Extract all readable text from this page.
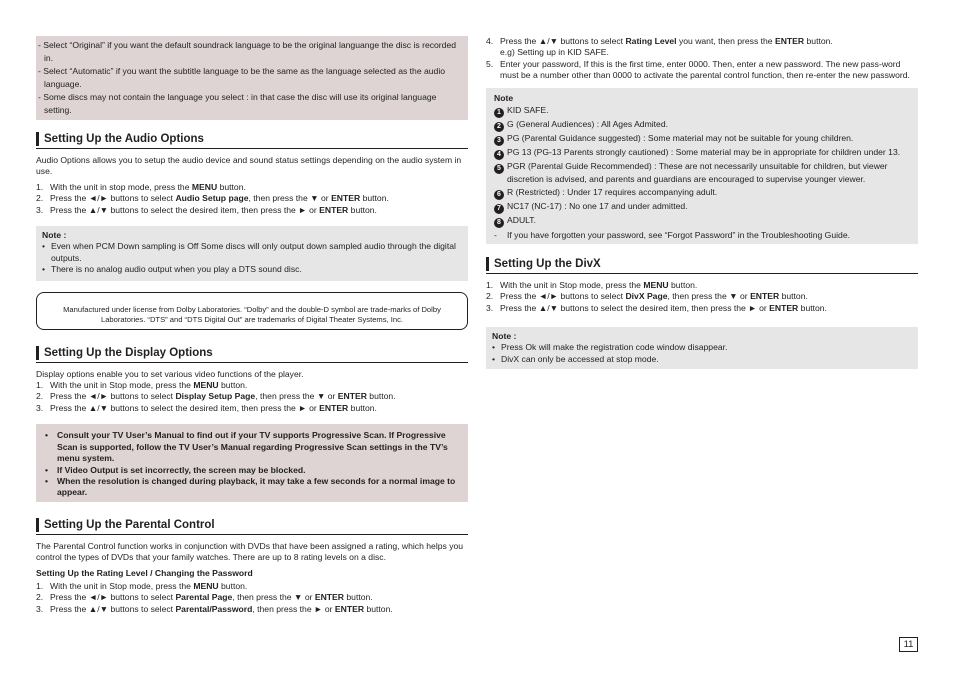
- Select “Original” if you want the default soundrack language to be the original languange the disc is recorded in.

- Select “Automatic” if you want the subtitle language to be the same as the language selected as the audio language.

- Some discs may not contain the language you select : in that case the disc will use its original language setting.

Setting Up the Audio Options

Audio Options allows you to setup the audio device and sound status settings depending on the audio system in use.

1. With the unit in stop mode, press the MENU button.
2. Press the ◄/► buttons to select Audio Setup page, then press the ▼ or ENTER button.
3. Press the ▲/▼ buttons to select the desired item, then press the ► or ENTER button.

Note :

• Even when PCM Down sampling is Off Some discs will only output down sampled audio through the digital outputs.
• There is no analog audio output when you play a DTS sound disc.

Manufactured under license from Dolby Laboratories. “Dolby” and the double-D symbol are trade-marks of Dolby Laboratories. “DTS” and “DTS Digital Out” are trademarks of Digital Theater Systems, Inc.

Setting Up the Display Options

Display options enable you to set various video functions of the player.

1. With the unit in Stop mode, press the MENU button.
2. Press the ◄/► buttons to select Display Setup Page, then press the ▼ or ENTER button.
3. Press the ▲/▼ buttons to select the desired item, then press the ► or ENTER button.
•	Consult your TV User’s Manual to find out if your TV supports Progressive Scan. If Progressive Scan is supported, follow the TV User’s Manual regarding Progressive Scan settings in the TV’s menu system.
•	If Video Output is set incorrectly, the screen may be blocked.
•	When the resolution is changed during playback, it may take a few seconds for a normal image to appear.
Setting Up the Parental Control

The Parental Control function works in conjunction with DVDs that have been assigned a rating, which helps you control the types of DVDs that your family watches. There are up to 8 rating levels on a disc.

Setting Up the Rating Level / Changing the Password

1. With the unit in Stop mode, press the MENU button.
2. Press the ◄/► buttons to select Parental Page, then press the ▼ or ENTER button.
3. Press the ▲/▼ buttons to select Parental/Password, then press the ► or ENTER button.
4. Press the ▲/▼ buttons to select Rating Level you want, then press the ENTER button.
e.g) Setting up in KID SAFE.
5. Enter your password, If this is the first time, enter 0000. Then, enter a new password. The new pass-word must be a number other than 0000 to activate the parental control function, then re-enter the new password.

Note

1 KID SAFE.
2 G (General Audiences) : All Ages Admited.
3 PG (Parental Guidance suggested) : Some material may not be suitable for young children.
4 PG 13 (PG-13 Parents strongly cautioned) : Some material may be in appropriate for children under 13.
5 PGR (Parental Guide Recommended) : These are not necessarily unsuitable for children, but viewer discretion is advised, and parents and guardians are encouraged to supervise younger viewer.
6 R (Restricted) : Under 17 requires accompanying adult.
7 NC17 (NC-17) : No one 17 and under admitted.
8 ADULT.
-	If you have forgotten your password, see “Forgot Password” in the Troubleshooting Guide.
Setting Up the DivX
1. With the unit in Stop mode, press the MENU button.
2. Press the ◄/► buttons to select DivX Page, then press the ▼ or ENTER button.
3. Press the ▲/▼ buttons to select the desired item, then press the ► or ENTER button.

Note :

• Press Ok will make the registration code window disappear.
• DivX can only be accessed at stop mode.
11
